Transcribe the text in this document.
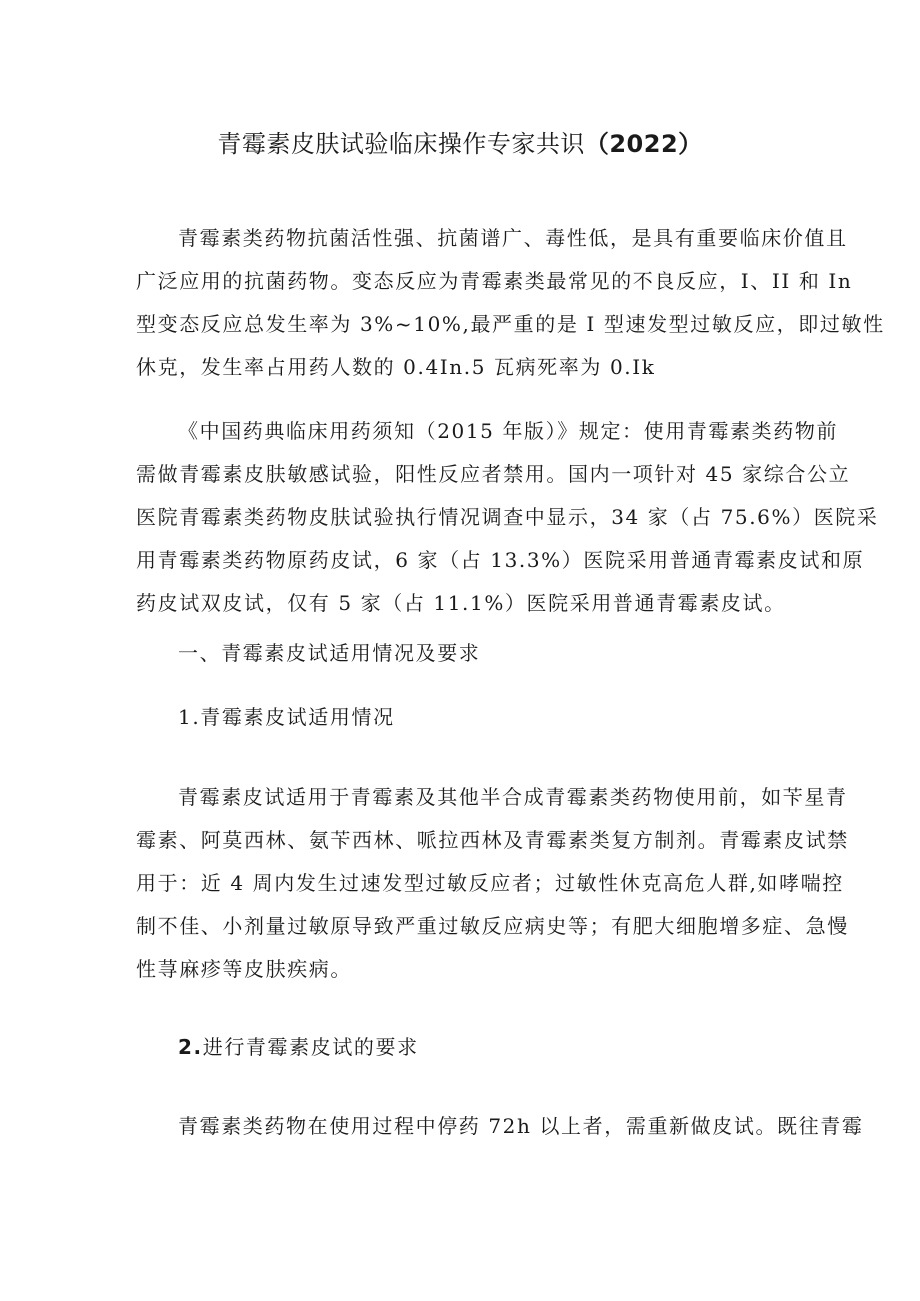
青霉素皮肤试验临床操作专家共识（2022）
青霉素类药物抗菌活性强、抗菌谱广、毒性低，是具有重要临床价值且
广泛应用的抗菌药物。变态反应为青霉素类最常见的不良反应，I、II 和 In
型变态反应总发生率为 3%~10%,最严重的是 I 型速发型过敏反应，即过敏性
休克，发生率占用药人数的 0.4In.5 瓦病死率为 0.Ik
《中国药典临床用药须知（2015 年版）》规定：使用青霉素类药物前
需做青霉素皮肤敏感试验，阳性反应者禁用。国内一项针对 45 家综合公立
医院青霉素类药物皮肤试验执行情况调查中显示，34 家（占 75.6%）医院采
用青霉素类药物原药皮试，6 家（占 13.3%）医院采用普通青霉素皮试和原
药皮试双皮试，仅有 5 家（占 11.1%）医院采用普通青霉素皮试。
一、青霉素皮试适用情况及要求
1.青霉素皮试适用情况
青霉素皮试适用于青霉素及其他半合成青霉素类药物使用前，如苄星青
霉素、阿莫西林、氨苄西林、哌拉西林及青霉素类复方制剂。青霉素皮试禁
用于：近 4 周内发生过速发型过敏反应者；过敏性休克高危人群,如哮喘控
制不佳、小剂量过敏原导致严重过敏反应病史等；有肥大细胞增多症、急慢
性荨麻疹等皮肤疾病。
2.进行青霉素皮试的要求
青霉素类药物在使用过程中停药 72h 以上者，需重新做皮试。既往青霉
